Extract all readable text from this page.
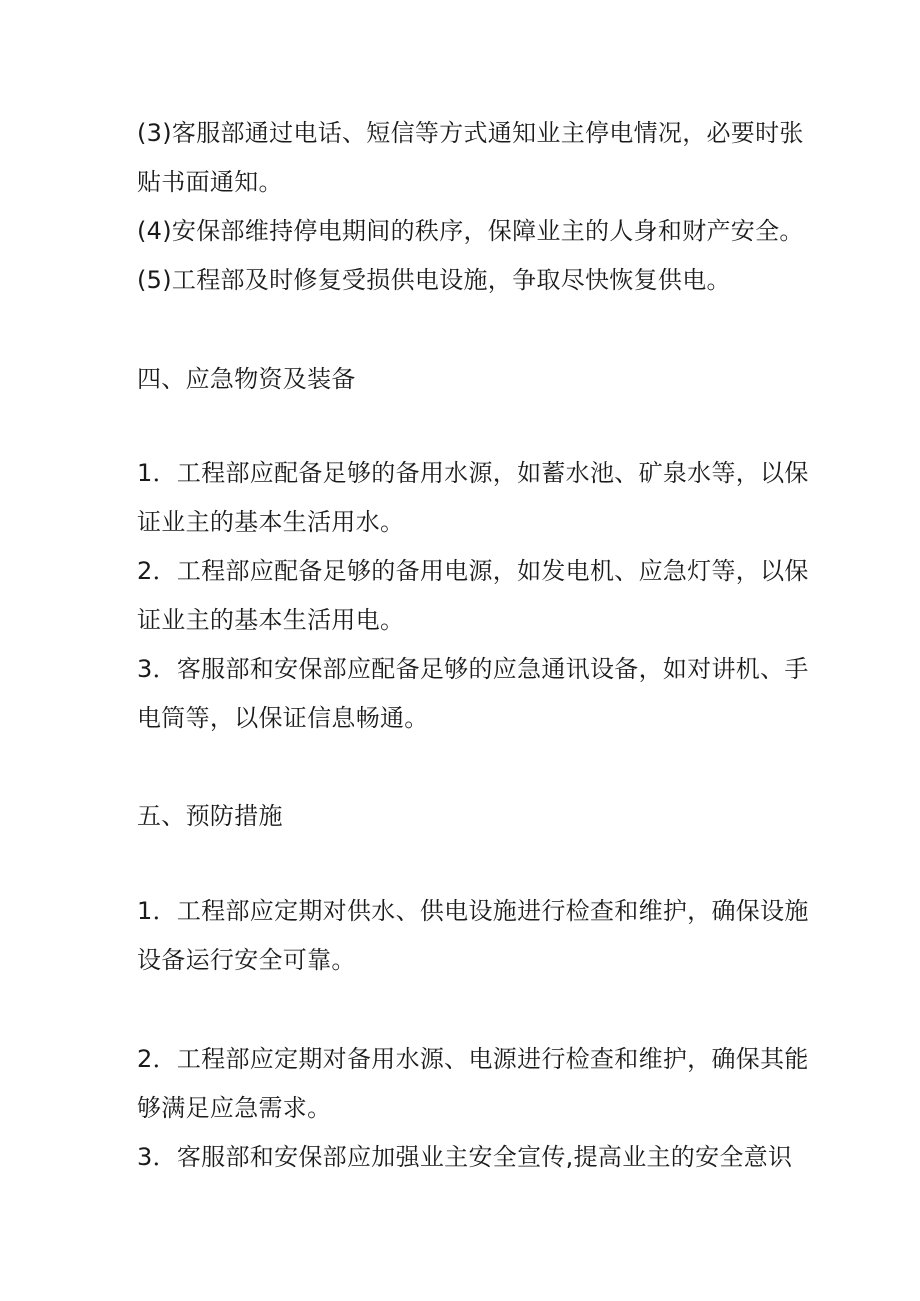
(3)客服部通过电话、短信等方式通知业主停电情况，必要时张
贴书面通知。
(4)安保部维持停电期间的秩序，保障业主的人身和财产安全。
(5)工程部及时修复受损供电设施，争取尽快恢复供电。
四、应急物资及装备
1．工程部应配备足够的备用水源，如蓄水池、矿泉水等，以保
证业主的基本生活用水。
2．工程部应配备足够的备用电源，如发电机、应急灯等，以保
证业主的基本生活用电。
3．客服部和安保部应配备足够的应急通讯设备，如对讲机、手
电筒等，以保证信息畅通。
五、预防措施
1．工程部应定期对供水、供电设施进行检查和维护，确保设施
设备运行安全可靠。
2．工程部应定期对备用水源、电源进行检查和维护，确保其能
够满足应急需求。
3．客服部和安保部应加强业主安全宣传,提高业主的安全意识
